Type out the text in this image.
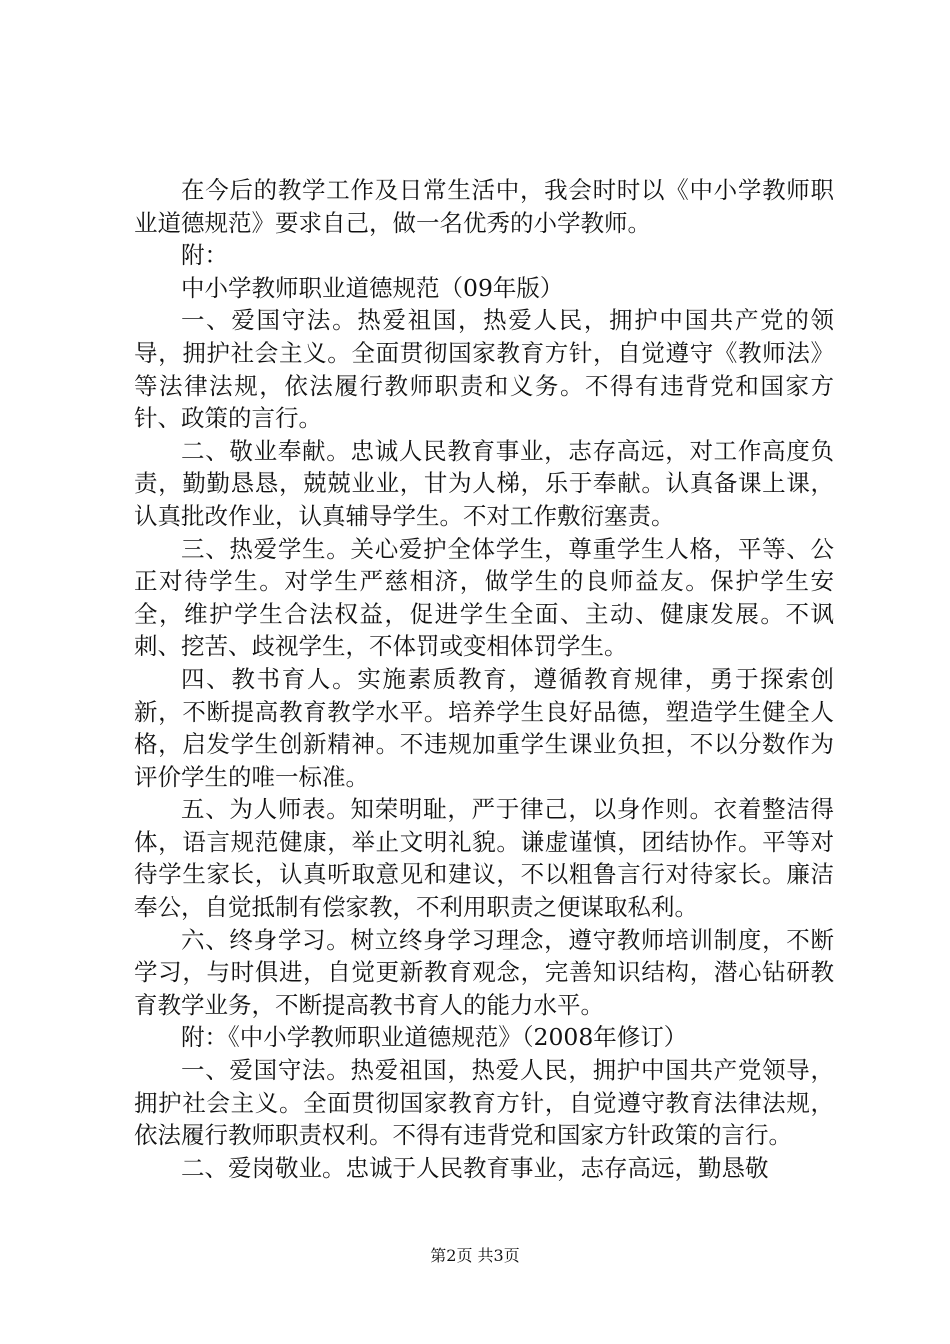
在今后的教学工作及日常生活中，我会时时以《中小学教师职业道德规范》要求自己，做一名优秀的小学教师。

附：

中小学教师职业道德规范（09年版）

一、爱国守法。热爱祖国，热爱人民，拥护中国共产党的领导，拥护社会主义。全面贯彻国家教育方针，自觉遵守《教师法》等法律法规，依法履行教师职责和义务。不得有违背党和国家方针、政策的言行。

二、敬业奉献。忠诚人民教育事业，志存高远，对工作高度负责，勤勤恳恳，兢兢业业，甘为人梯，乐于奉献。认真备课上课，认真批改作业，认真辅导学生。不对工作敷衍塞责。

三、热爱学生。关心爱护全体学生，尊重学生人格，平等、公正对待学生。对学生严慈相济，做学生的良师益友。保护学生安全，维护学生合法权益，促进学生全面、主动、健康发展。不讽刺、挖苦、歧视学生，不体罚或变相体罚学生。

四、教书育人。实施素质教育，遵循教育规律，勇于探索创新，不断提高教育教学水平。培养学生良好品德，塑造学生健全人格，启发学生创新精神。不违规加重学生课业负担，不以分数作为评价学生的唯一标准。

五、为人师表。知荣明耻，严于律己，以身作则。衣着整洁得体，语言规范健康，举止文明礼貌。谦虚谨慎，团结协作。平等对待学生家长，认真听取意见和建议，不以粗鲁言行对待家长。廉洁奉公，自觉抵制有偿家教，不利用职责之便谋取私利。

六、终身学习。树立终身学习理念，遵守教师培训制度，不断学习，与时俱进，自觉更新教育观念，完善知识结构，潜心钻研教育教学业务，不断提高教书育人的能力水平。

附：《中小学教师职业道德规范》（2008年修订）

一、爱国守法。热爱祖国，热爱人民，拥护中国共产党领导，拥护社会主义。全面贯彻国家教育方针，自觉遵守教育法律法规，依法履行教师职责权利。不得有违背党和国家方针政策的言行。

二、爱岗敬业。忠诚于人民教育事业，志存高远，勤恳敬

第2页 共3页
